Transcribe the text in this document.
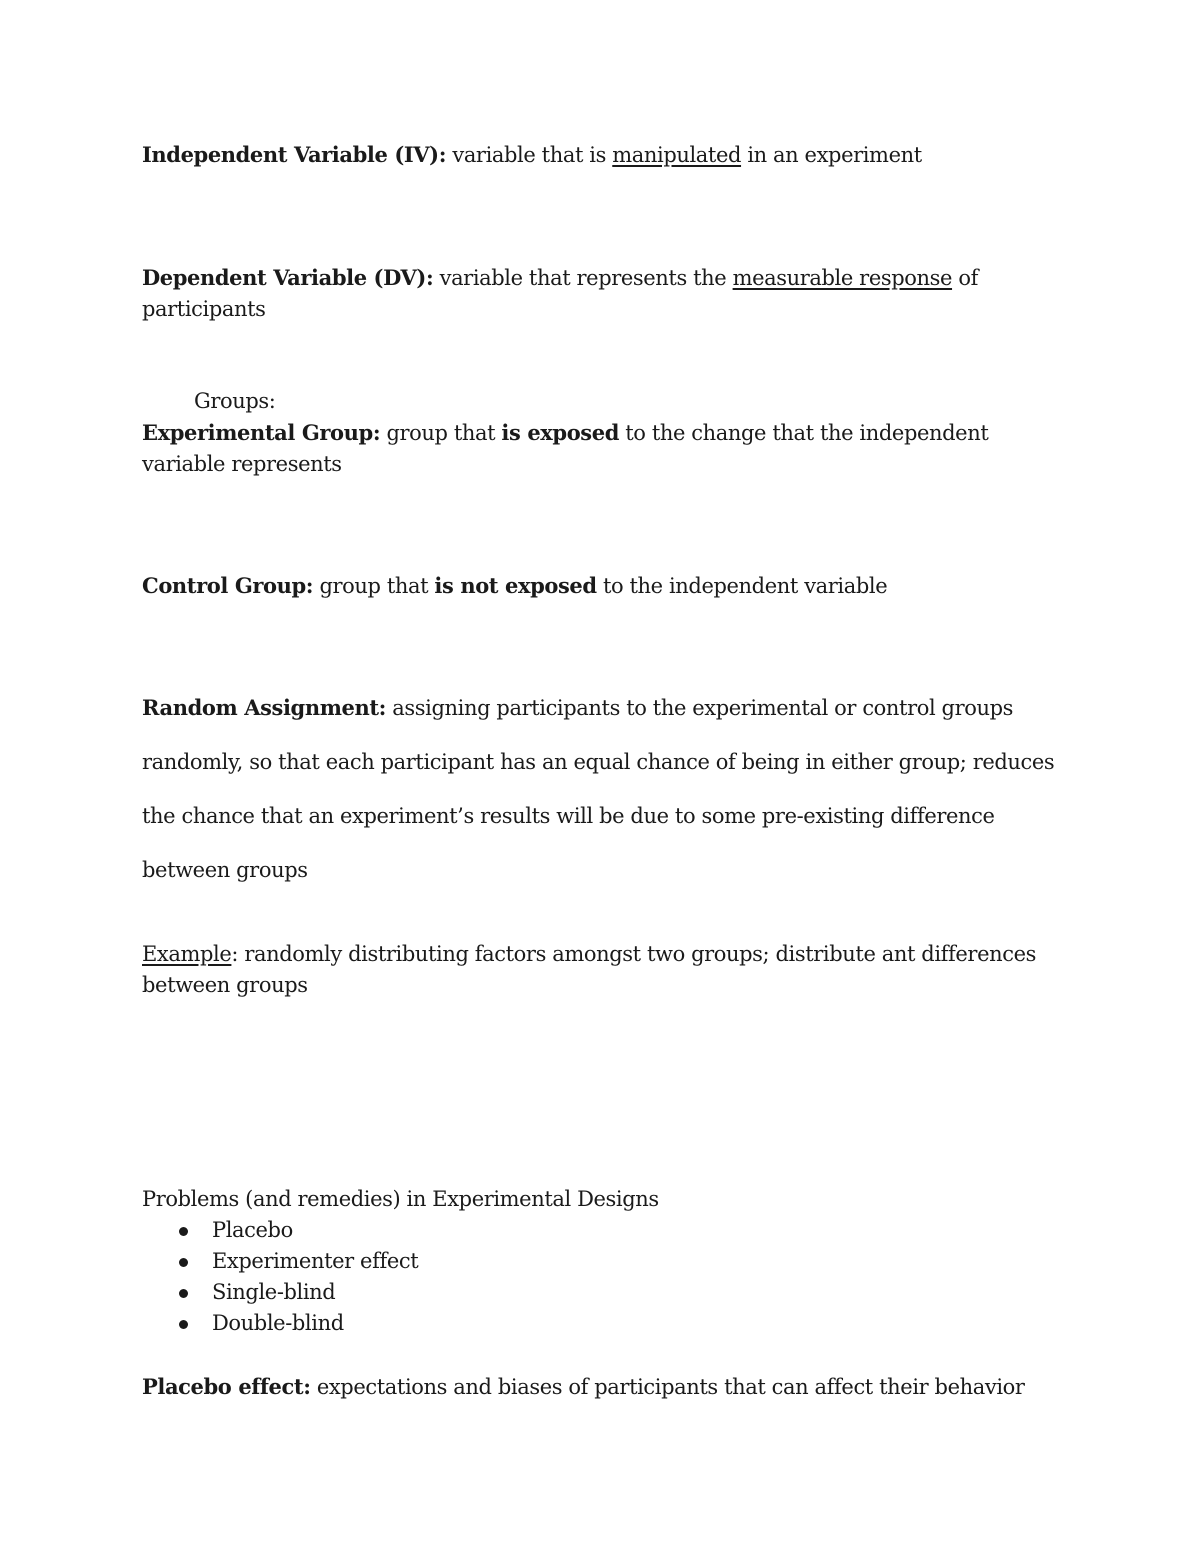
Independent Variable (IV): variable that is manipulated in an experiment

Dependent Variable (DV): variable that represents the measurable response of participants

Groups:

Experimental Group: group that is exposed to the change that the independent variable represents

Control Group: group that is not exposed to the independent variable

Random Assignment: assigning participants to the experimental or control groups randomly, so that each participant has an equal chance of being in either group; reduces the chance that an experiment’s results will be due to some pre-existing difference between groups

Example: randomly distributing factors amongst two groups; distribute ant differences between groups

Problems (and remedies) in Experimental Designs

Placebo
Experimenter effect
Single-blind
Double-blind

Placebo effect: expectations and biases of participants that can affect their behavior
